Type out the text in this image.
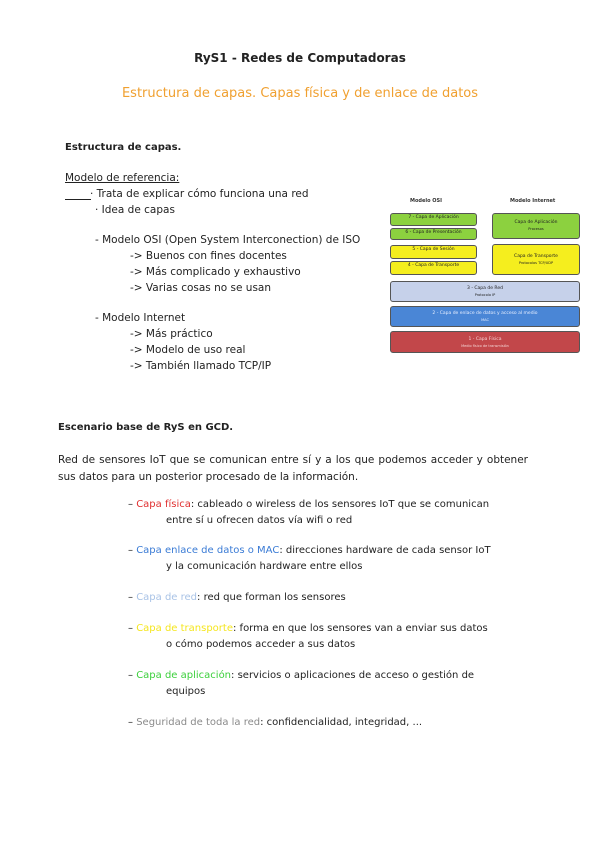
RyS1 - Redes de Computadoras
Estructura de capas. Capas física y de enlace de datos
Estructura de capas.
Modelo de referencia:
· Trata de explicar cómo funciona una red
· Idea de capas
- Modelo OSI (Open System Interconection) de ISO
-> Buenos con fines docentes
-> Más complicado y exhaustivo
-> Varias cosas no se usan
- Modelo Internet
-> Más práctico
-> Modelo de uso real
-> También llamado TCP/IP
Modelo OSI	Modelo Internet
7 - Capa de Aplicación
6 - Capa de Presentación
5 - Capa de Sesión
4 - Capa de Transporte
Capa de Aplicación
Procesos
Capa de Transporte
Protocolos TCP/UDP
3 - Capa de Red
Protocolo IP
2 - Capa de enlace de datos y acceso al medio
MAC
1 - Capa Física
Medio físico de transmisión
Escenario base de RyS en GCD.
Red de sensores IoT que se comunican entre sí y a los que podemos acceder y obtener sus datos para un posterior procesado de la información.
– Capa física: cableado o wireless de los sensores IoT que se comunican
entre sí u ofrecen datos vía wifi o red
– Capa enlace de datos o MAC: direcciones hardware de cada sensor IoT
y la comunicación hardware entre ellos
– Capa de red: red que forman los sensores
– Capa de transporte: forma en que los sensores van a enviar sus datos
o cómo podemos acceder a sus datos
– Capa de aplicación: servicios o aplicaciones de acceso o gestión de
equipos
– Seguridad de toda la red: confidencialidad, integridad, ...
